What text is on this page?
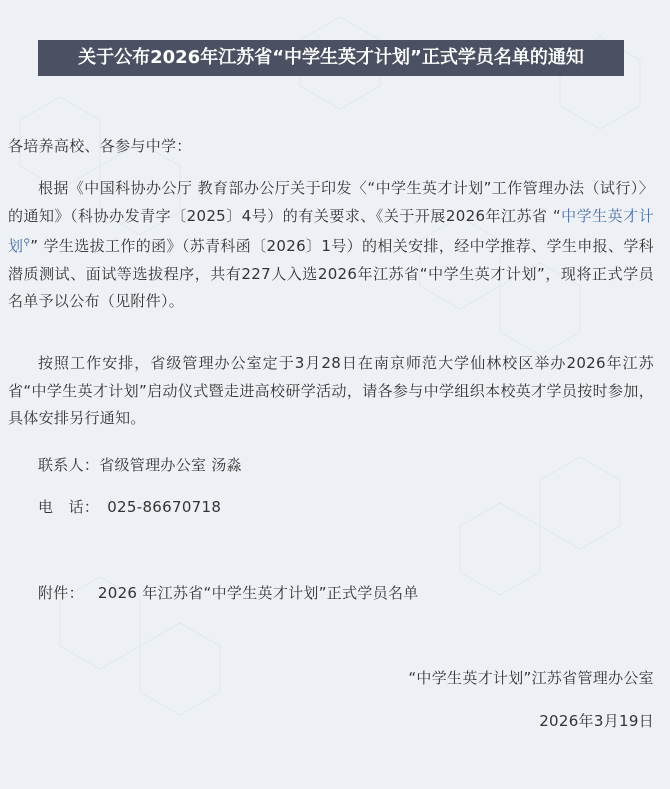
关于公布2026年江苏省“中学生英才计划”正式学员名单的通知
各培养高校、各参与中学：

根据《中国科协办公厅 教育部办公厅关于印发〈“中学生英才计划”工作管理办法（试行）〉的通知》（科协办发青字〔2025〕4号）的有关要求、《关于开展2026年江苏省 “中学生英才计划⚲” 学生选拔工作的函》（苏青科函〔2026〕1号）的相关安排，经中学推荐、学生申报、学科潜质测试、面试等选拔程序，共有227人入选2026年江苏省“中学生英才计划”，现将正式学员名单予以公布（见附件）。

按照工作安排，省级管理办公室定于3月28日在南京师范大学仙林校区举办2026年江苏省“中学生英才计划”启动仪式暨走进高校研学活动，请各参与中学组织本校英才学员按时参加，具体安排另行通知。

联系人：省级管理办公室 汤淼
电　话： 025-86670718
附件： 2026 年江苏省“中学生英才计划”正式学员名单
“中学生英才计划”江苏省管理办公室
2026年3月19日
